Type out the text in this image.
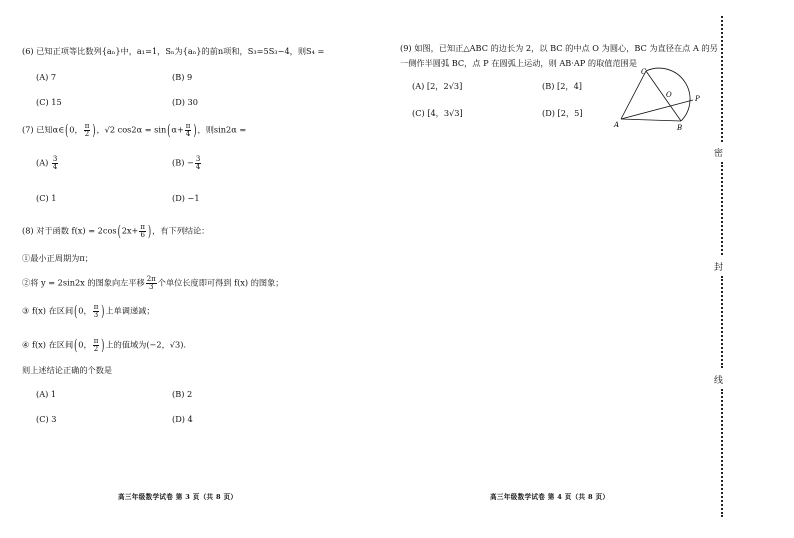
(6) 已知正项等比数列{aₙ}中，a₁=1，Sₙ为{aₙ}的前n项和，S₃=5S₃−4，则S₄ =
(A) 7	(B) 9
(C) 15	(D) 30
(7) 已知α∈(0， $\frac{\pi}{2}$ )，√2 $\cos 2\alpha = \sin(\alpha+ \frac{\pi}{4}$ )，则sin2α =
$(A) \frac{3}{4}$	$(B) - \frac{3}{4}$
(C) 1	(D) −1
(8) 对于函数 $f(x) = 2\cos(2x+ \frac{\pi}{6}$ )，有下列结论：
①最小正周期为π；
②将 y = 2sin2x 的图象向左平移 $\frac{2\pi}{3}$ 个单位长度即可得到 f(x) 的图象；
③ f(x) 在区间(0， $\frac{\pi}{3}$ )上单调递减；
④ f(x) 在区间(0， $\frac{\pi}{2}$ )上的值域为(−2，√3).
则上述结论正确的个数是
(A) 1	(B) 2
(C) 3	(D) 4
高三年级数学试卷 第 3 页（共 8 页）
(9) 如图，已知正△ABC 的边长为 2，以 BC 的中点 O 为圆心，BC 为直径在点 A 的另
一侧作半圆弧 BC，点 P 在圆弧上运动，则 AB·AP 的取值范围是
(A) [2，2√3]	(B) [2，4]
(C) [4，3√3]	(D) [2，5]
C
O	P
A	B
高三年级数学试卷 第 4 页（共 8 页）
密
封
线
